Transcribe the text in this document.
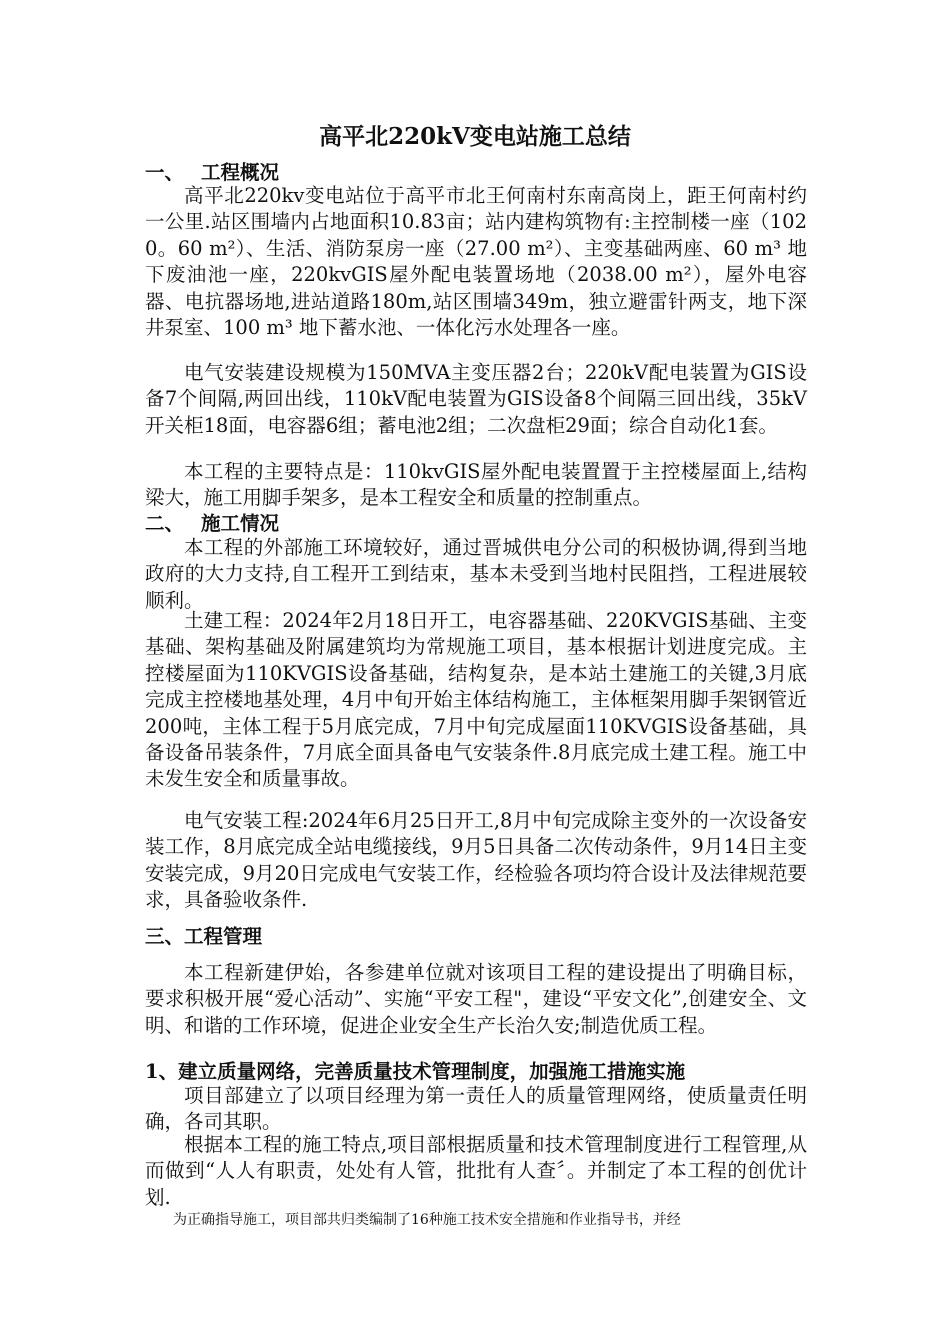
高平北220kV变电站施工总结
一、 工程概况
高平北220kv变电站位于高平市北王何南村东南高岗上，距王何南村约一公里.站区围墙内占地面积10.83亩；站内建构筑物有:主控制楼一座（1020。60 m²）、生活、消防泵房一座（27.00 m²）、主变基础两座、60 m³ 地下废油池一座，220kvGIS屋外配电装置场地（2038.00 m²），屋外电容器、电抗器场地,进站道路180m,站区围墙349m，独立避雷针两支，地下深井泵室、100 m³ 地下蓄水池、一体化污水处理各一座。
电气安装建设规模为150MVA主变压器2台；220kV配电装置为GIS设备7个间隔,两回出线，110kV配电装置为GIS设备8个间隔三回出线，35kV开关柜18面，电容器6组；蓄电池2组；二次盘柜29面；综合自动化1套。
本工程的主要特点是：110kvGIS屋外配电装置置于主控楼屋面上,结构梁大，施工用脚手架多，是本工程安全和质量的控制重点。
二、 施工情况
本工程的外部施工环境较好，通过晋城供电分公司的积极协调,得到当地政府的大力支持,自工程开工到结束，基本未受到当地村民阻挡，工程进展较顺利。
土建工程：2024年2月18日开工，电容器基础、220KVGIS基础、主变基础、架构基础及附属建筑均为常规施工项目，基本根据计划进度完成。主控楼屋面为110KVGIS设备基础，结构复杂，是本站土建施工的关键,3月底完成主控楼地基处理，4月中旬开始主体结构施工，主体框架用脚手架钢管近200吨，主体工程于5月底完成，7月中旬完成屋面110KVGIS设备基础，具备设备吊装条件，7月底全面具备电气安装条件.8月底完成土建工程。施工中未发生安全和质量事故。
电气安装工程:2024年6月25日开工,8月中旬完成除主变外的一次设备安装工作，8月底完成全站电缆接线，9月5日具备二次传动条件，9月14日主变安装完成，9月20日完成电气安装工作，经检验各项均符合设计及法律规范要求，具备验收条件.
三、工程管理
本工程新建伊始，各参建单位就对该项目工程的建设提出了明确目标，要求积极开展“爱心活动”、实施“平安工程"，建设“平安文化”,创建安全、文明、和谐的工作环境，促进企业安全生产长治久安;制造优质工程。
1、建立质量网络，完善质量技术管理制度，加强施工措施实施
项目部建立了以项目经理为第一责任人的质量管理网络，使质量责任明确，各司其职。
根据本工程的施工特点,项目部根据质量和技术管理制度进行工程管理,从而做到“人人有职责，处处有人管，批批有人查〞。并制定了本工程的创优计划.
为正确指导施工，项目部共归类编制了16种施工技术安全措施和作业指导书，并经
